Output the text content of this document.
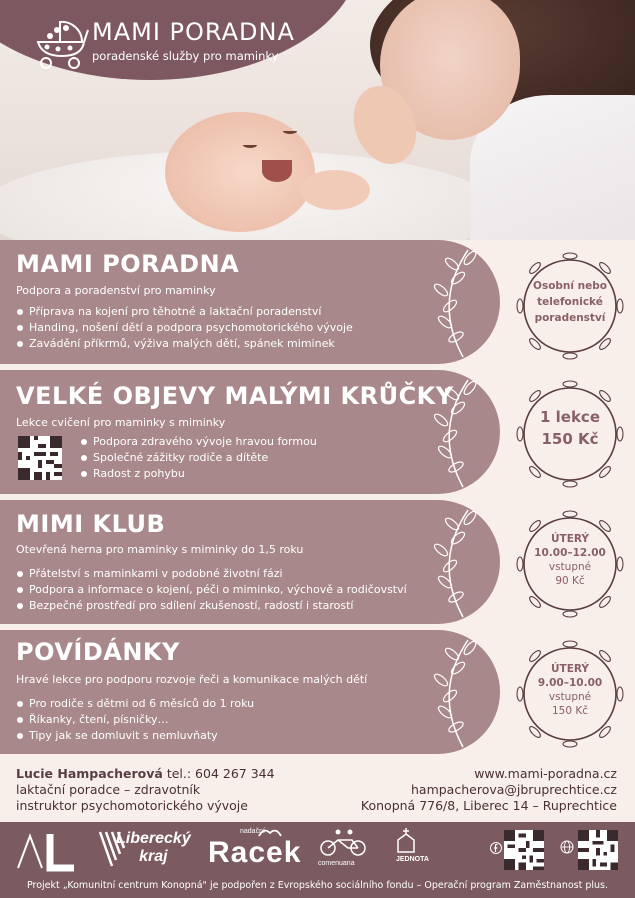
MAMI PORADNA
poradenské služby pro maminky
MAMI PORADNA
Podpora a poradenství pro maminky
Příprava na kojení pro těhotné a laktační poradenství
Handing, nošení dětí a podpora psychomotorického vývoje
Zavádění příkrmů, výživa malých dětí, spánek miminek
Osobní nebo
telefonické
poradenství
VELKÉ OBJEVY MALÝMI KRŮČKY
Lekce cvičení pro maminky s miminky
Podpora zdravého vývoje hravou formou
Společné zážitky rodiče a dítěte
Radost z pohybu
1 lekce
150 Kč
MIMI KLUB
Otevřená herna pro maminky s miminky do 1,5 roku
Přátelství s maminkami v podobné životní fázi
Podpora a informace o kojení, péči o miminko, výchově a rodičovství
Bezpečné prostředí pro sdílení zkušeností, radostí i starostí
ÚTERÝ
10.00–12.00
vstupné
90 Kč
POVÍDÁNKY
Hravé lekce pro podporu rozvoje řeči a komunikace malých dětí
Pro rodiče s dětmi od 6 měsíců do 1 roku
Říkanky, čtení, písničky…
Tipy jak se domluvit s nemluvňaty
ÚTERÝ
9.00–10.00
vstupné
150 Kč
Lucie Hampacherová tel.: 604 267 344
laktační poradce – zdravotník
instruktor psychomotorického vývoje
www.mami-poradna.cz
hampacherova@jbruprechtice.cz
Konopná 776/8, Liberec 14 – Ruprechtice
Liberecký
kraj
nadační
Racek comenuana
JEDNOTA
Projekt „Komunitní centrum Konopná" je podpořen z Evropského sociálního fondu – Operační program Zaměstnanost plus.
